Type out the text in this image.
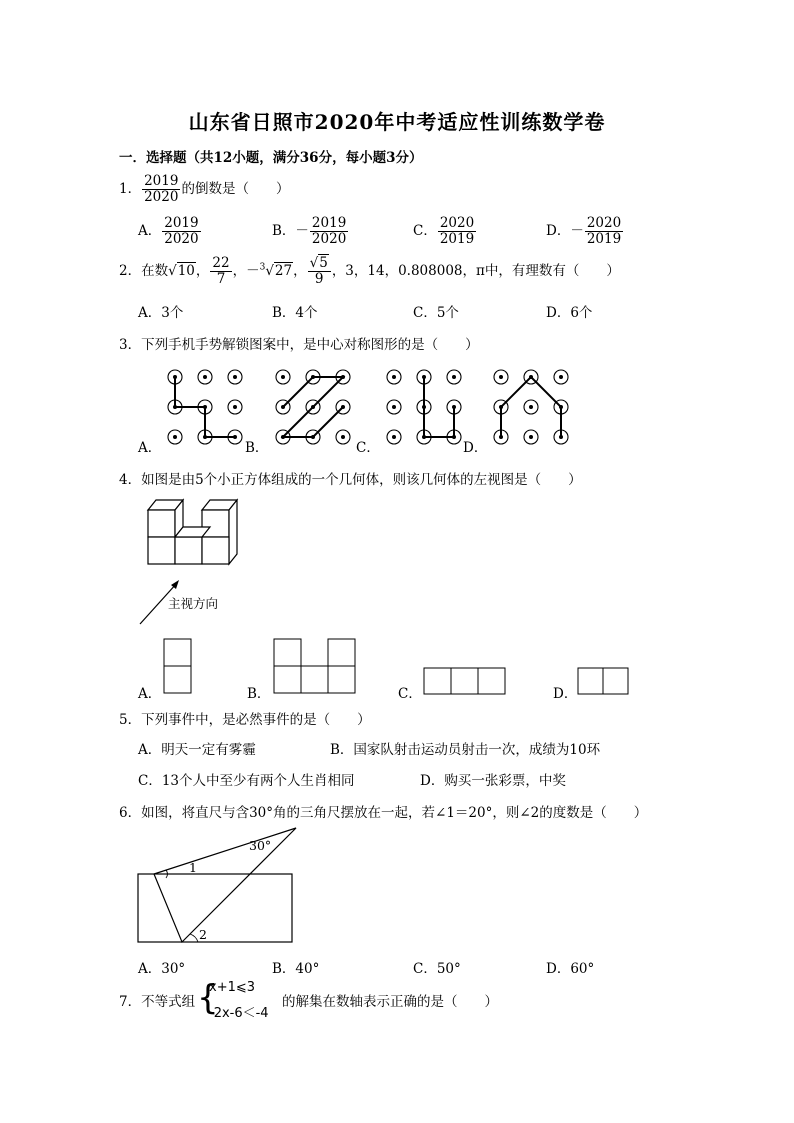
山东省日照市2020年中考适应性训练数学卷
一．选择题（共12小题，满分36分，每小题3分）
1． $\frac{2019}{2020}$ 的倒数是（　　）
A． $\frac{2019}{2020}$	B．－ $\frac{2019}{2020}$	C． $\frac{2020}{2019}$	D．－ $\frac{2020}{2019}$
2．在数√10， $\frac{22}{7}$ ，－$^3$√27， $\frac{√5}{9}$ ，3，14，0.808008，π中，有理数有（　　）
A．3个	B．4个	C．5个	D．6个
3．下列手机手势解锁图案中，是中心对称图形的是（　　）
A．	B．	C．	D．
4．如图是由5个小正方体组成的一个几何体，则该几何体的左视图是（　　）
主视方向
A．	B．	C．	D．
5．下列事件中，是必然事件的是（　　）
A．明天一定有雾霾	B．国家队射击运动员射击一次，成绩为10环
C．13个人中至少有两个人生肖相同	D．购买一张彩票，中奖
6．如图，将直尺与含30°角的三角尺摆放在一起，若∠1＝20°，则∠2的度数是（　　）
30°
1
2
A．30°	B．40°	C．50°	D．60°
7．不等式组 {
x+1⩽3
-2x-6＜-4
的解集在数轴表示正确的是（　　）
